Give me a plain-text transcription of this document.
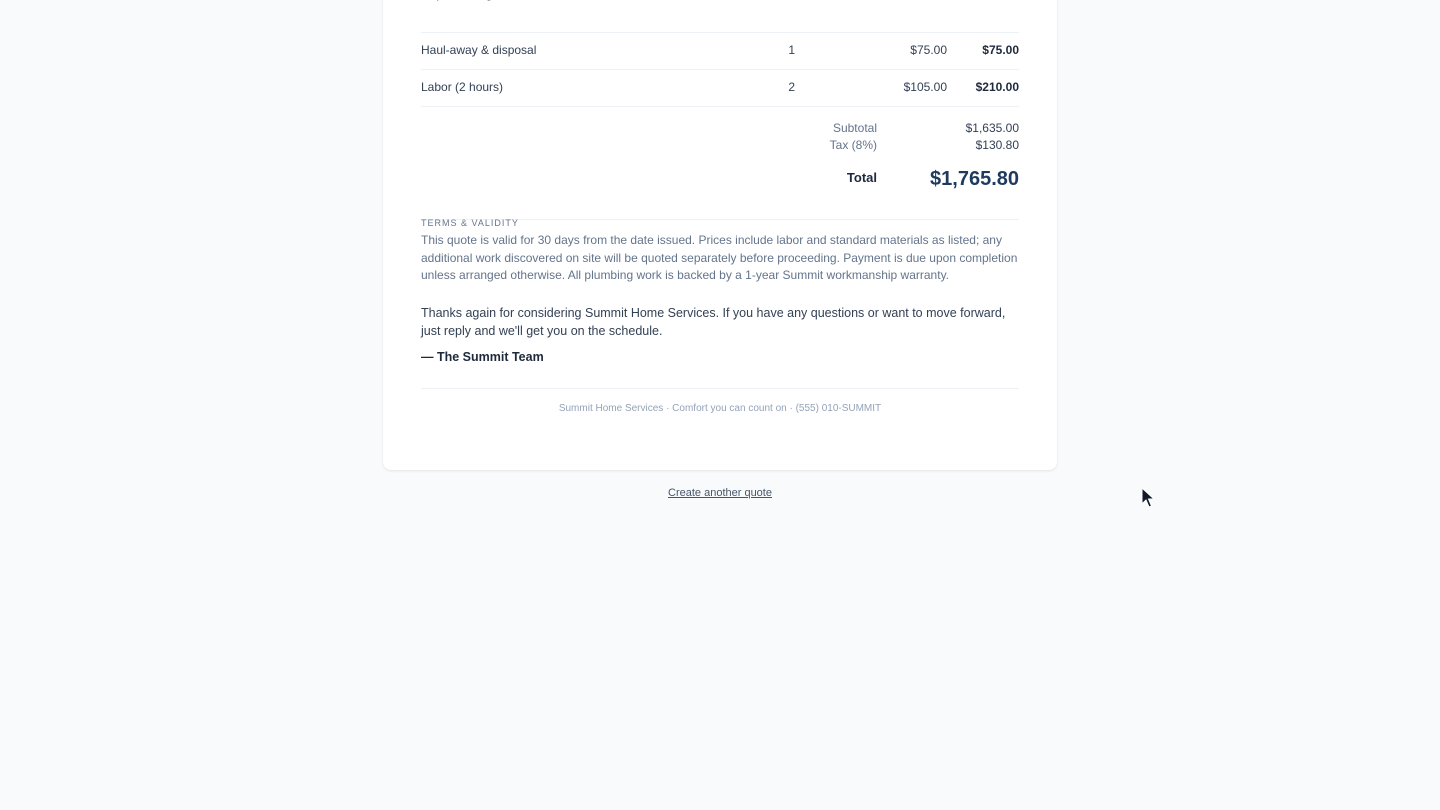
Haul-away & disposal	1	$75.00	$75.00
Labor (2 hours)	2	$105.00	$210.00
Subtotal	$1,635.00
Tax (8%)	$130.80
Total	$1,765.80
TERMS & VALIDITY
This quote is valid for 30 days from the date issued. Prices include labor and standard materials as listed; any additional work discovered on site will be quoted separately before proceeding. Payment is due upon completion unless arranged otherwise. All plumbing work is backed by a 1-year Summit workmanship warranty.
Thanks again for considering Summit Home Services. If you have any questions or want to move forward, just reply and we'll get you on the schedule.
— The Summit Team
Summit Home Services · Comfort you can count on · (555) 010-SUMMIT
Create another quote
